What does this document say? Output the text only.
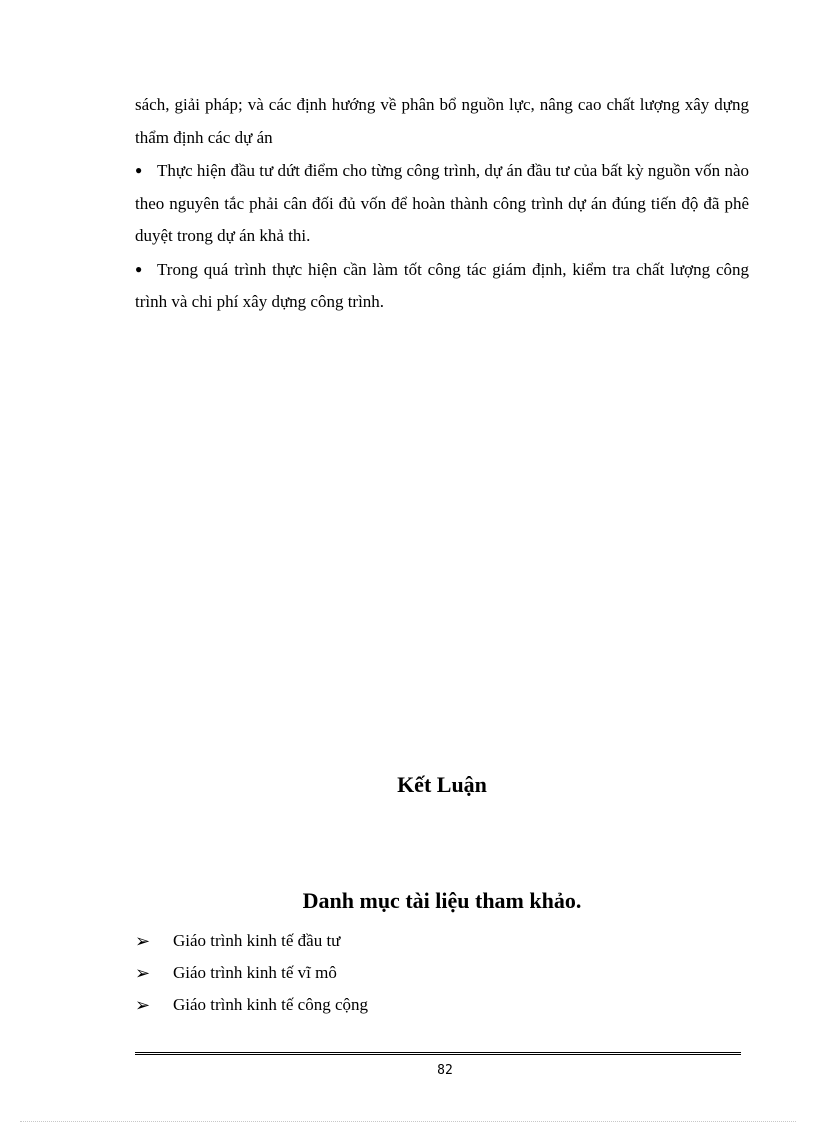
sách, giải pháp; và các định hướng về phân bổ nguồn lực, nâng cao chất lượng xây dựng thẩm định các dự án

● Thực hiện đầu tư dứt điểm cho từng công trình, dự án đầu tư của bất kỳ nguồn vốn nào theo nguyên tắc phải cân đối đủ vốn để hoàn thành công trình dự án đúng tiến độ đã phê duyệt trong dự án khả thi.

● Trong quá trình thực hiện cần làm tốt công tác giám định, kiểm tra chất lượng công trình và chi phí xây dựng công trình.

Kết Luận
Danh mục tài liệu tham khảo.
➢	Giáo trình kinh tế đầu tư
➢	Giáo trình kinh tế vĩ mô
➢	Giáo trình kinh tế công cộng
82
